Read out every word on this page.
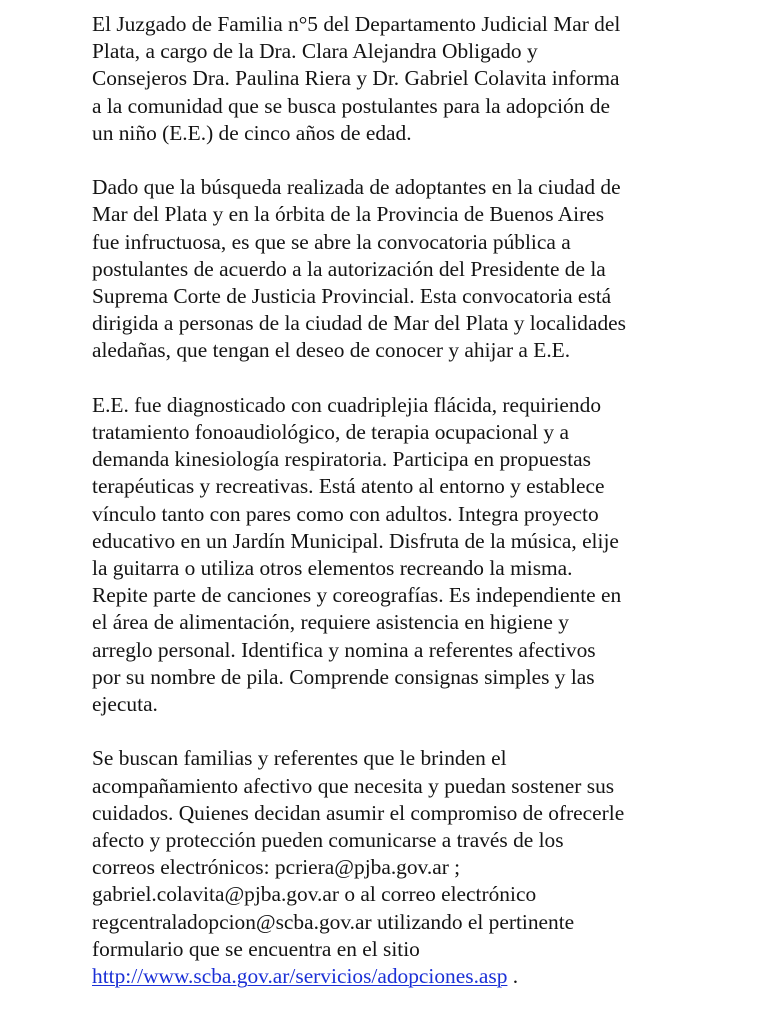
El Juzgado de Familia n°5 del Departamento Judicial Mar del
Plata, a cargo de la Dra. Clara Alejandra Obligado y
Consejeros Dra. Paulina Riera y Dr. Gabriel Colavita informa
a la comunidad que se busca postulantes para la adopción de
un niño (E.E.) de cinco años de edad.

Dado que la búsqueda realizada de adoptantes en la ciudad de
Mar del Plata y en la órbita de la Provincia de Buenos Aires
fue infructuosa, es que se abre la convocatoria pública a
postulantes de acuerdo a la autorización del Presidente de la
Suprema Corte de Justicia Provincial. Esta convocatoria está
dirigida a personas de la ciudad de Mar del Plata y localidades
aledañas, que tengan el deseo de conocer y ahijar a E.E.

E.E. fue diagnosticado con cuadriplejia flácida, requiriendo
tratamiento fonoaudiológico, de terapia ocupacional y a
demanda kinesiología respiratoria. Participa en propuestas
terapéuticas y recreativas. Está atento al entorno y establece
vínculo tanto con pares como con adultos. Integra proyecto
educativo en un Jardín Municipal. Disfruta de la música, elije
la guitarra o utiliza otros elementos recreando la misma.
Repite parte de canciones y coreografías. Es independiente en
el área de alimentación, requiere asistencia en higiene y
arreglo personal. Identifica y nomina a referentes afectivos
por su nombre de pila. Comprende consignas simples y las
ejecuta.

Se buscan familias y referentes que le brinden el
acompañamiento afectivo que necesita y puedan sostener sus
cuidados. Quienes decidan asumir el compromiso de ofrecerle
afecto y protección pueden comunicarse a través de los
correos electrónicos: pcriera@pjba.gov.ar ;
gabriel.colavita@pjba.gov.ar o al correo electrónico
regcentraladopcion@scba.gov.ar utilizando el pertinente
formulario que se encuentra en el sitio
http://www.scba.gov.ar/servicios/adopciones.asp .
